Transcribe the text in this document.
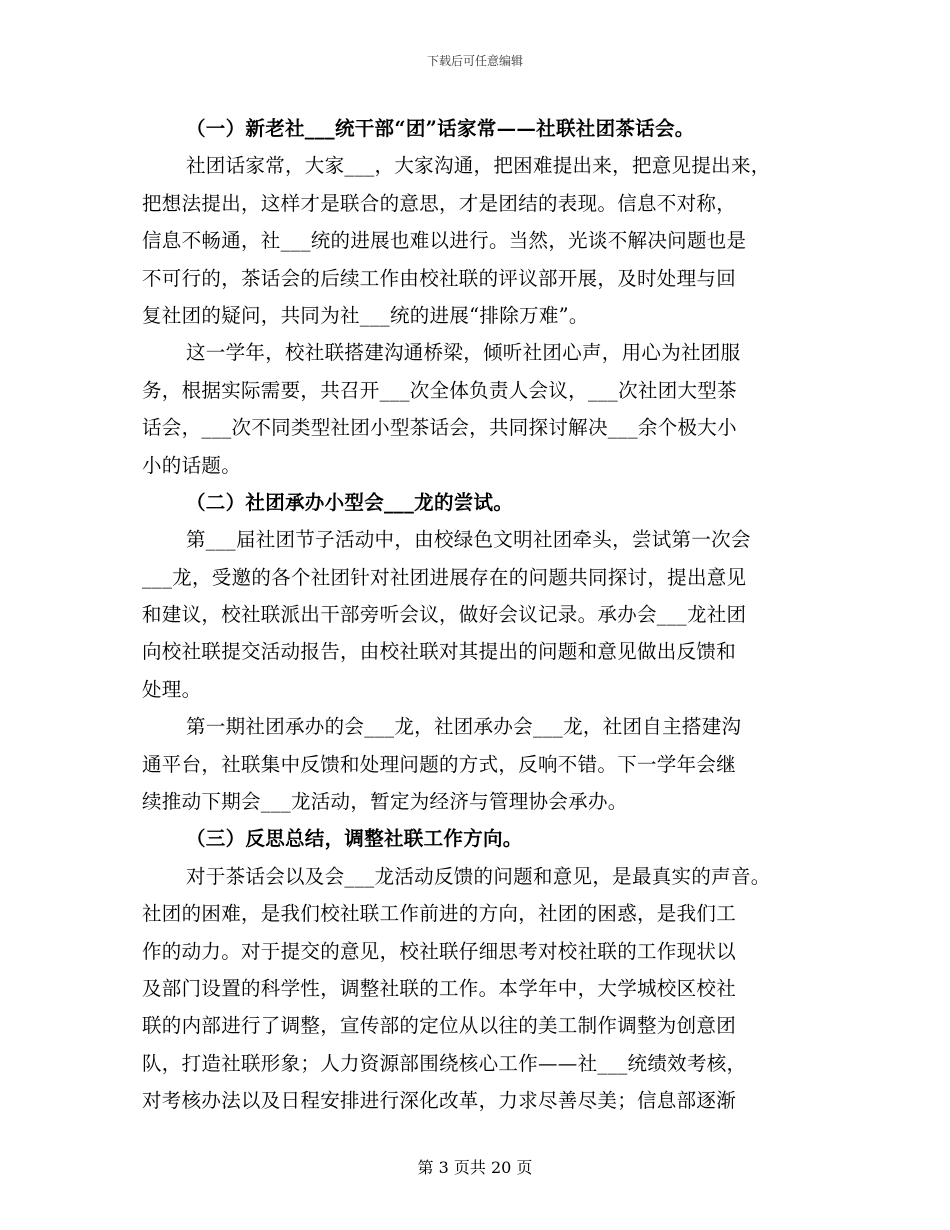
下载后可任意编辑
（一）新老社___统干部“团”话家常——社联社团茶话会。
社团话家常，大家___，大家沟通，把困难提出来，把意见提出来，
把想法提出，这样才是联合的意思，才是团结的表现。信息不对称，
信息不畅通，社___统的进展也难以进行。当然，光谈不解决问题也是
不可行的，茶话会的后续工作由校社联的评议部开展，及时处理与回
复社团的疑问，共同为社___统的进展“排除万难”。
这一学年，校社联搭建沟通桥梁，倾听社团心声，用心为社团服
务，根据实际需要，共召开___次全体负责人会议，___次社团大型茶
话会，___次不同类型社团小型茶话会，共同探讨解决___余个极大小
小的话题。
（二）社团承办小型会___龙的尝试。
第___届社团节子活动中，由校绿色文明社团牵头，尝试第一次会
___龙，受邀的各个社团针对社团进展存在的问题共同探讨，提出意见
和建议，校社联派出干部旁听会议，做好会议记录。承办会___龙社团
向校社联提交活动报告，由校社联对其提出的问题和意见做出反馈和
处理。
第一期社团承办的会___龙，社团承办会___龙，社团自主搭建沟
通平台，社联集中反馈和处理问题的方式，反响不错。下一学年会继
续推动下期会___龙活动，暂定为经济与管理协会承办。
（三）反思总结，调整社联工作方向。
对于茶话会以及会___龙活动反馈的问题和意见，是最真实的声音。
社团的困难，是我们校社联工作前进的方向，社团的困惑，是我们工
作的动力。对于提交的意见，校社联仔细思考对校社联的工作现状以
及部门设置的科学性，调整社联的工作。本学年中，大学城校区校社
联的内部进行了调整，宣传部的定位从以往的美工制作调整为创意团
队，打造社联形象；人力资源部围绕核心工作——社___统绩效考核，
对考核办法以及日程安排进行深化改革，力求尽善尽美；信息部逐渐
第 3 页共 20 页
